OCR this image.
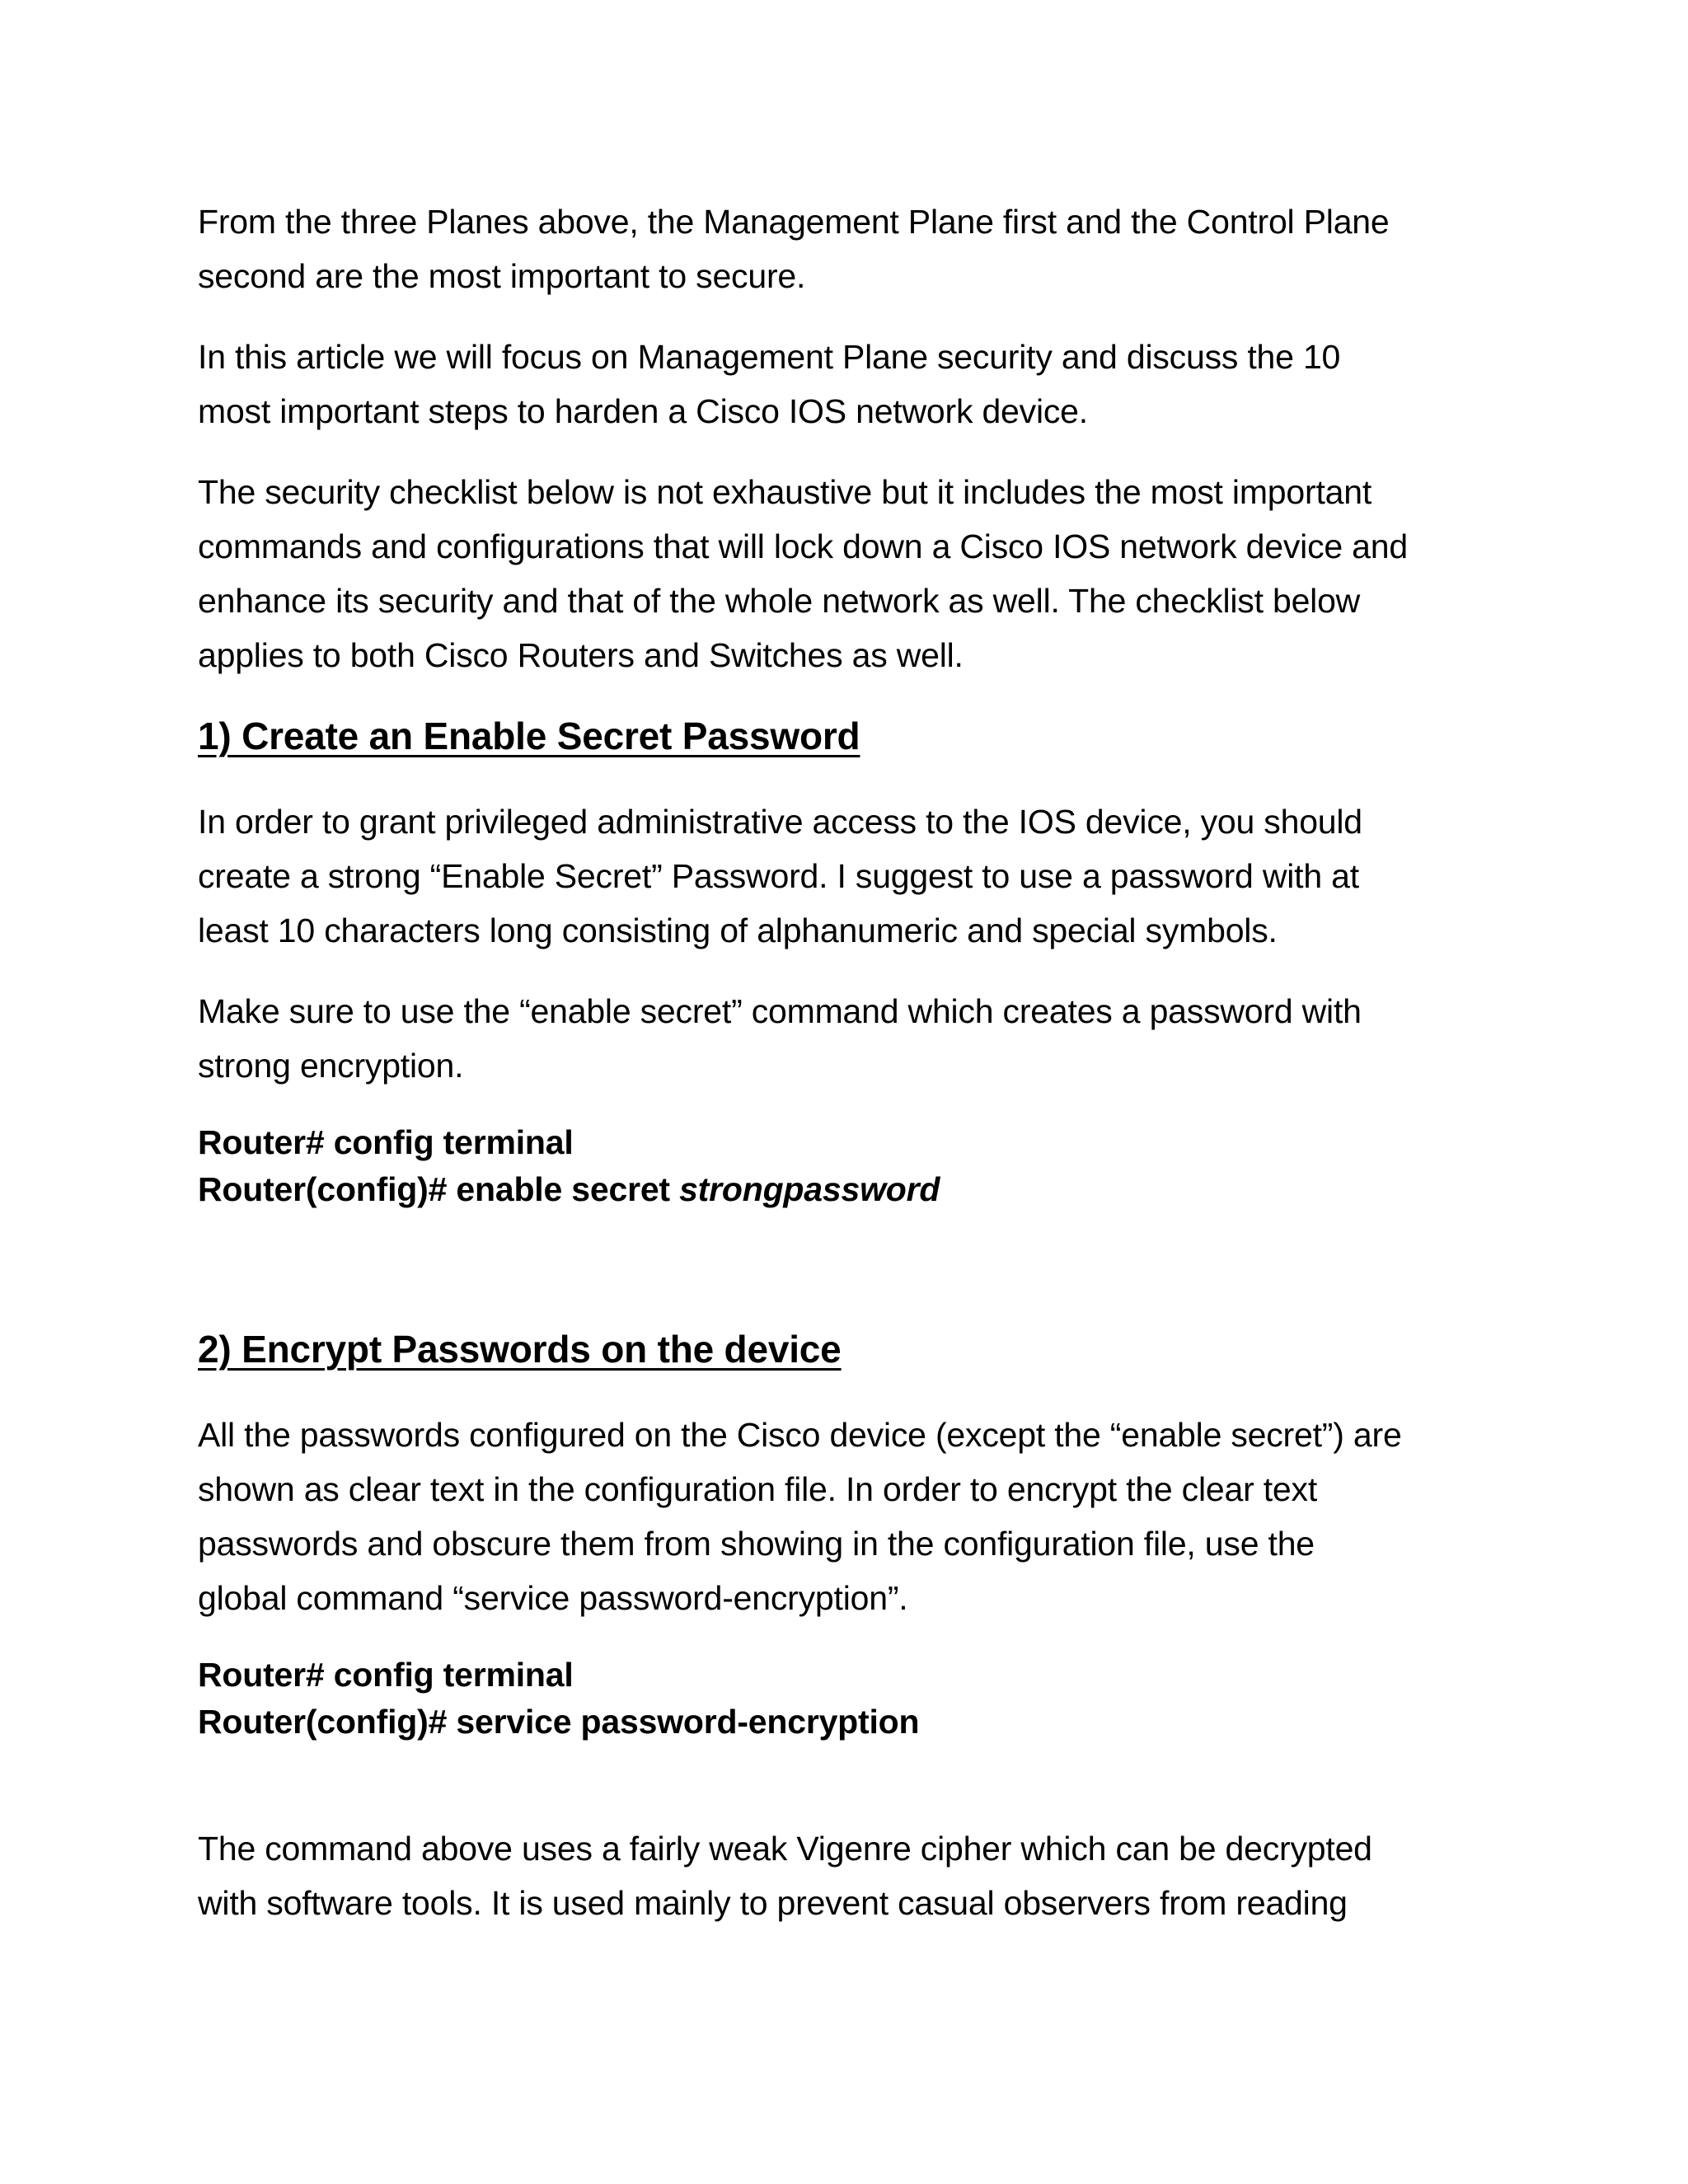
From the three Planes above, the Management Plane first and the Control Plane
second are the most important to secure.

In this article we will focus on Management Plane security and discuss the 10
most important steps to harden a Cisco IOS network device.

The security checklist below is not exhaustive but it includes the most important
commands and configurations that will lock down a Cisco IOS network device and
enhance its security and that of the whole network as well. The checklist below
applies to both Cisco Routers and Switches as well.

1) Create an Enable Secret Password

In order to grant privileged administrative access to the IOS device, you should
create a strong “Enable Secret” Password. I suggest to use a password with at
least 10 characters long consisting of alphanumeric and special symbols.

Make sure to use the “enable secret” command which creates a password with
strong encryption.

Router# config terminal
Router(config)# enable secret strongpassword
2) Encrypt Passwords on the device

All the passwords configured on the Cisco device (except the “enable secret”) are
shown as clear text in the configuration file. In order to encrypt the clear text
passwords and obscure them from showing in the configuration file, use the
global command “service password-encryption”.

Router# config terminal
Router(config)# service password-encryption

The command above uses a fairly weak Vigenre cipher which can be decrypted
with software tools. It is used mainly to prevent casual observers from reading
